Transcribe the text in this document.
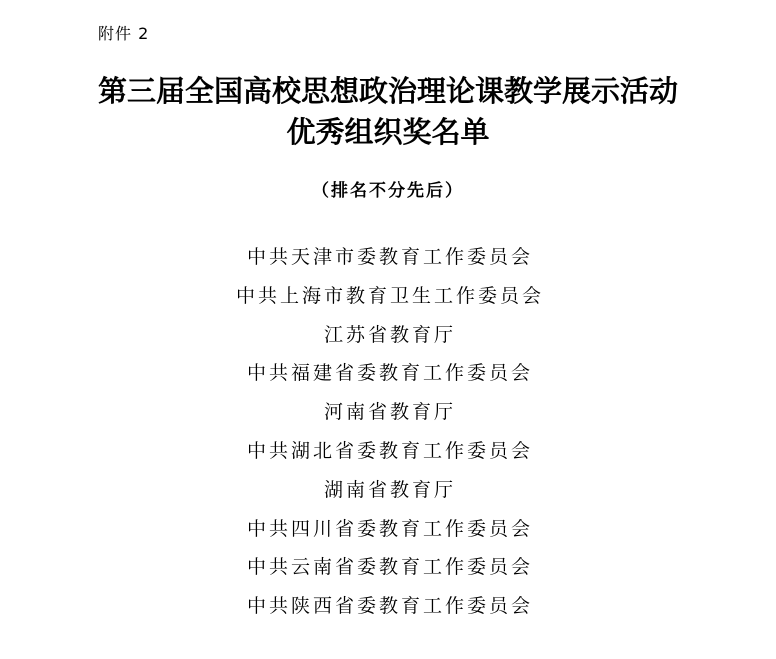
附件 2
第三届全国高校思想政治理论课教学展示活动
优秀组织奖名单
（排名不分先后）
中共天津市委教育工作委员会
中共上海市教育卫生工作委员会
江苏省教育厅
中共福建省委教育工作委员会
河南省教育厅
中共湖北省委教育工作委员会
湖南省教育厅
中共四川省委教育工作委员会
中共云南省委教育工作委员会
中共陕西省委教育工作委员会
